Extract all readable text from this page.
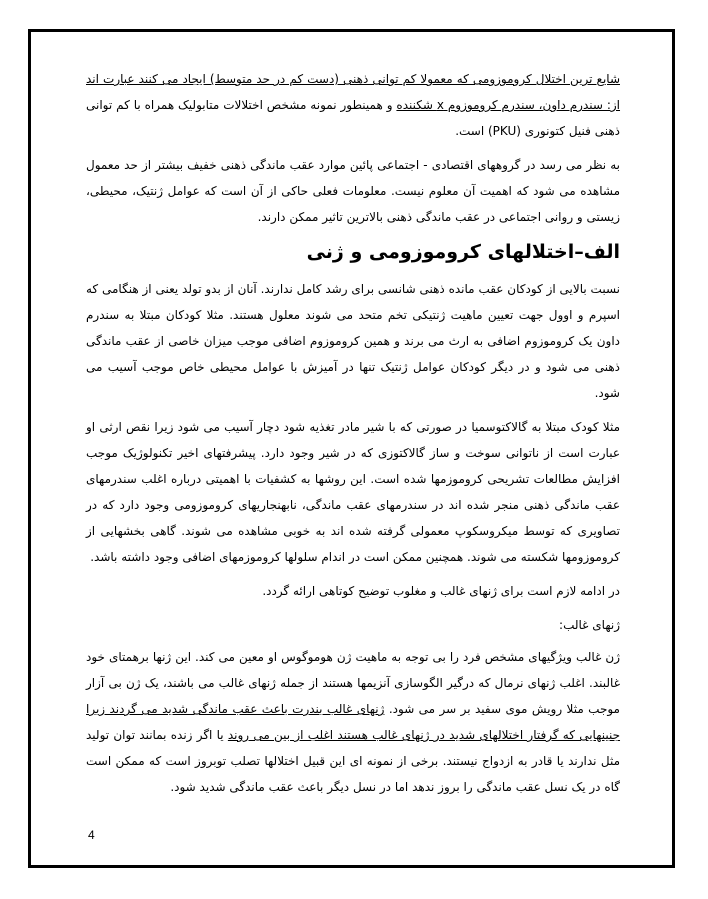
شایع ترین اختلال کروموزومی که معمولا کم توانی ذهنی (دست کم در حد متوسط) ایجاد می کنند عبارت اند از: سندرم داون، سندرم کروموزوم x شکننده و همینطور نمونه مشخص اختلالات متابولیک همراه با کم توانی ذهنی فنیل کتونوری (PKU) است.

به نظر می رسد در گروههای اقتصادی - اجتماعی پائین موارد عقب ماندگی ذهنی خفیف بیشتر از حد معمول مشاهده می شود که اهمیت آن معلوم نیست. معلومات فعلی حاکی از آن است که عوامل ژنتیک، محیطی، زیستی و روانی اجتماعی در عقب ماندگی ذهنی بالاترین تاثیر ممکن دارند.

الف–اختلالهای کروموزومی و ژنی

نسبت بالایی از کودکان عقب مانده ذهنی شانسی برای رشد کامل ندارند. آنان از بدو تولد یعنی از هنگامی که اسپرم و اوول جهت تعیین ماهیت ژنتیکی تخم متحد می شوند معلول هستند. مثلا کودکان مبتلا به سندرم داون یک کروموزوم اضافی به ارث می برند و همین کروموزوم اضافی موجب میزان خاصی از عقب ماندگی ذهنی می شود و در دیگر کودکان عوامل ژنتیک تنها در آمیزش با عوامل محیطی خاص موجب آسیب می شود.

مثلا کودک مبتلا به گالاکتوسمیا در صورتی که با شیر مادر تغذیه شود دچار آسیب می شود زیرا نقص ارثی او عبارت است از ناتوانی سوخت و ساز گالاکتوزی که در شیر وجود دارد. پیشرفتهای اخیر تکنولوژیک موجب افزایش مطالعات تشریحی کروموزمها شده است. این روشها به کشفیات با اهمیتی درباره اغلب سندرمهای عقب ماندگی ذهنی منجر شده اند در سندرمهای عقب ماندگی، نابهنجاریهای کروموزومی وجود دارد که در تصاویری که توسط میکروسکوپ معمولی گرفته شده اند به خوبی مشاهده می شوند. گاهی بخشهایی از کروموزومها شکسته می شوند. همچنین ممکن است در اندام سلولها کروموزمهای اضافی وجود داشته باشد.

در ادامه لازم است برای ژنهای غالب و مغلوب توضیح کوتاهی ارائه گردد.

ژنهای غالب:

ژن غالب ویژگیهای مشخص فرد را بی توجه به ماهیت ژن هوموگوس او معین می کند. این ژنها برهمتای خود غالبند. اغلب ژنهای نرمال که درگیر الگوسازی آنزیمها هستند از جمله ژنهای غالب می باشند، یک ژن بی آزار موجب مثلا رویش موی سفید بر سر می شود. ژنهای غالب بندرت باعث عقب ماندگی شدید می گردند زیرا جنینهایی که گرفتار اختلالهای شدید در ژنهای غالب هستند اغلب از بین می روند یا اگر زنده بمانند توان تولید مثل ندارند یا قادر به ازدواج نیستند. برخی از نمونه ای این قبیل اختلالها تصلب توبروز است که ممکن است گاه در یک نسل عقب ماندگی را بروز ندهد اما در نسل دیگر باعث عقب ماندگی شدید شود.

4
